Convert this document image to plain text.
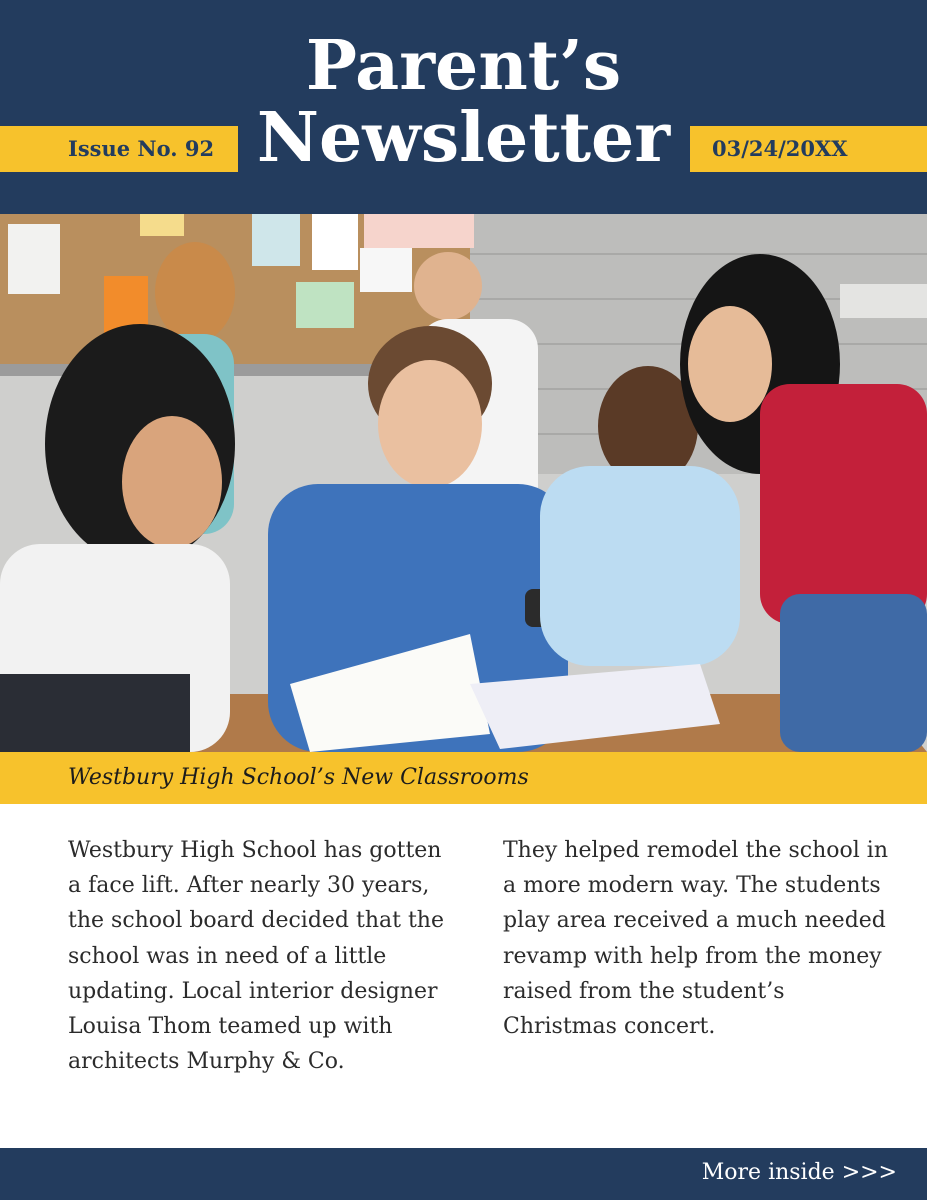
Parent’s
Newsletter
Issue No. 92	03/24/20XX
Westbury High School’s New Classrooms
Westbury High School has gotten a face lift. After nearly 30 years, the school board decided that the school was in need of a little updating. Local interior designer Louisa Thom teamed up with architects Murphy & Co.
They helped remodel the school in a more modern way. The students play area received a much needed revamp with help from the money raised from the student’s Christmas concert.
More inside >>>
